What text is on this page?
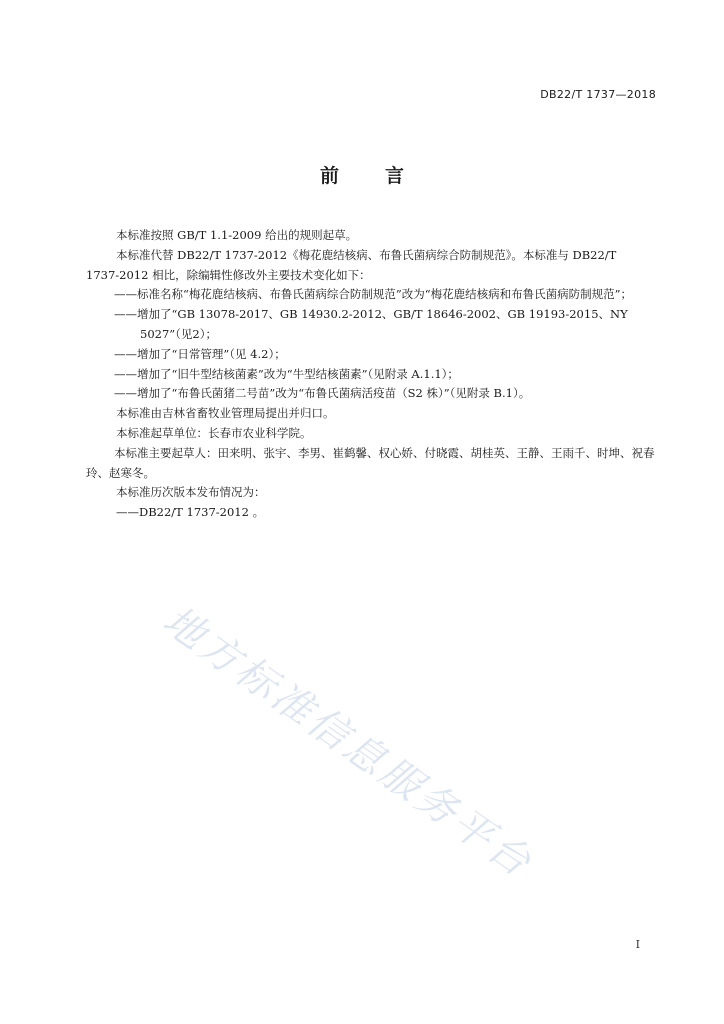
DB22/T 1737—2018
前 言

本标准按照 GB/T 1.1-2009 给出的规则起草。

本标准代替 DB22/T 1737-2012《梅花鹿结核病、布鲁氏菌病综合防制规范》。本标准与 DB22/T

1737-2012 相比，除编辑性修改外主要技术变化如下：

——标准名称“梅花鹿结核病、布鲁氏菌病综合防制规范”改为“梅花鹿结核病和布鲁氏菌病防制规范”；

——增加了“GB 13078-2017、GB 14930.2-2012、GB/T 18646-2002、GB 19193-2015、NY 5027”（见2）；

——增加了“日常管理”（见 4.2）；

——增加了“旧牛型结核菌素”改为“牛型结核菌素”（见附录 A.1.1）；

——增加了“布鲁氏菌猪二号苗”改为“布鲁氏菌病活疫苗（S2 株）”（见附录 B.1）。

本标准由吉林省畜牧业管理局提出并归口。

本标准起草单位：长春市农业科学院。

本标准主要起草人：田来明、张宇、李男、崔鹤馨、权心娇、付晓霞、胡桂英、王静、王雨千、时坤、祝春玲、赵寒冬。

本标准历次版本发布情况为：

——DB22/T 1737-2012 。

地方标准信息服务平台
I
